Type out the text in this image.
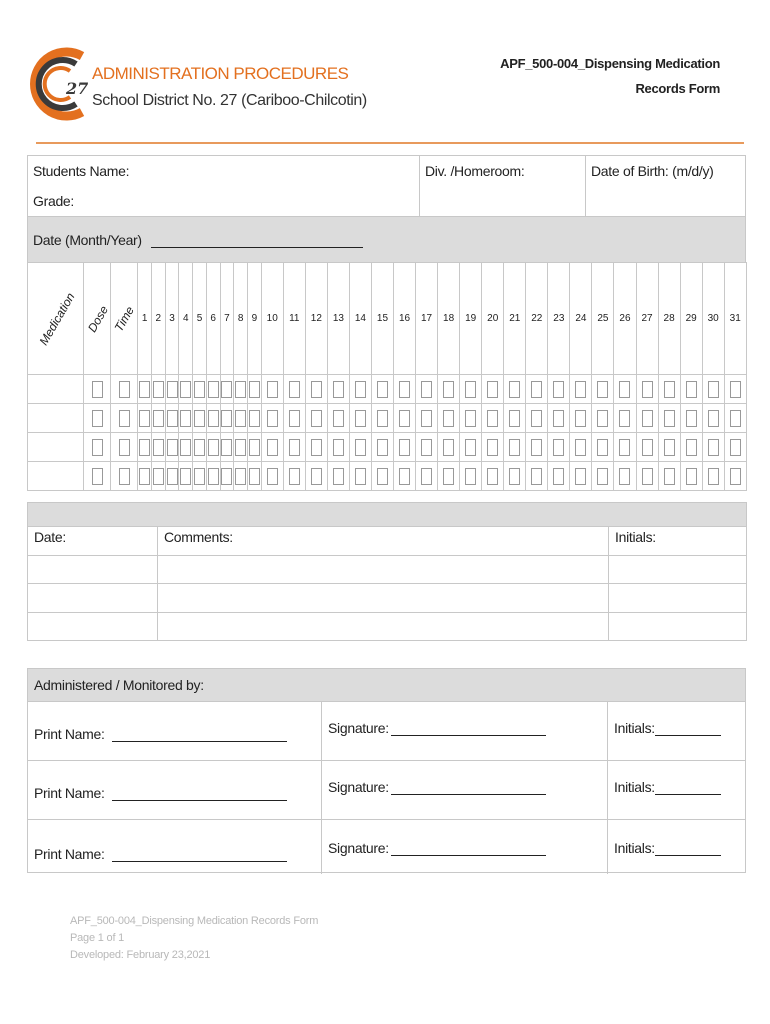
27
ADMINISTRATION PROCEDURES
School District No. 27 (Cariboo-Chilcotin)
APF_500-004_Dispensing Medication
Records Form
Students Name:
Grade:
Div. /Homeroom:	Date of Birth: (m/d/y)
Date (Month/Year)
Medication	Dose	Time	1	2	3	4	5	6	7	8	9	10	11	12	13	14	15	16	17	18	19	20	21	22	23	24	25	26	27	28	29	30	31

Date:	Comments:	Initials:

Administered / Monitored by:
Print Name:	Signature:	Initials:
Print Name:	Signature:	Initials:
Print Name:	Signature:	Initials:
APF_500-004_Dispensing Medication Records Form
Page 1 of 1
Developed: February 23,2021
